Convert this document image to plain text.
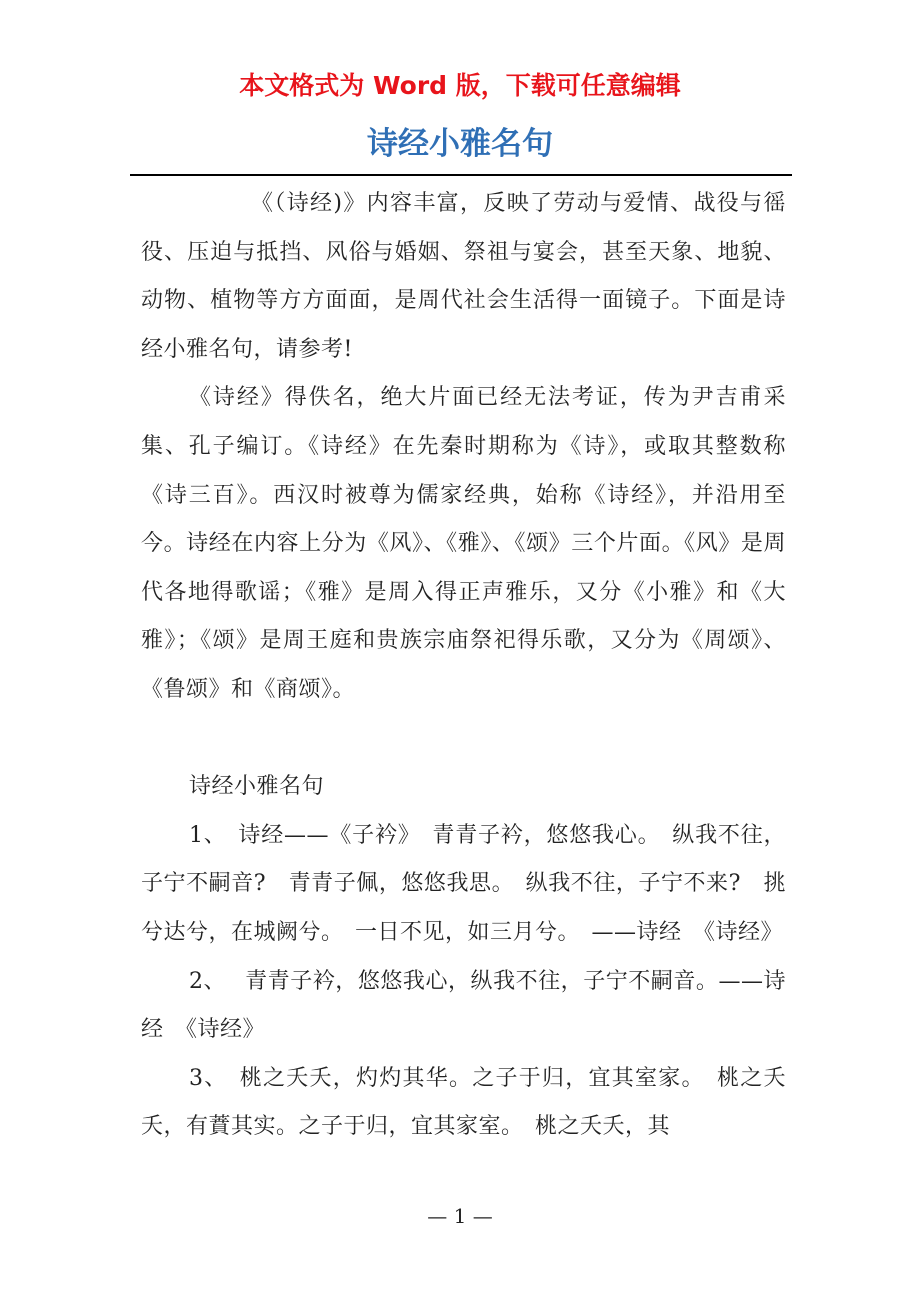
本文格式为 Word 版，下载可任意编辑
诗经小雅名句

《（诗经)》内容丰富，反映了劳动与爱情、战役与徭役、压迫与抵挡、风俗与婚姻、祭祖与宴会，甚至天象、地貌、动物、植物等方方面面，是周代社会生活得一面镜子。下面是诗经小雅名句，请参考!

《诗经》得佚名，绝大片面已经无法考证，传为尹吉甫采集、孔子编订。《诗经》在先秦时期称为《诗》，或取其整数称《诗三百》。西汉时被尊为儒家经典，始称《诗经》，并沿用至今。诗经在内容上分为《风》、《雅》、《颂》三个片面。《风》是周代各地得歌谣；《雅》是周入得正声雅乐，又分《小雅》和《大雅》；《颂》是周王庭和贵族宗庙祭祀得乐歌，又分为《周颂》、《鲁颂》和《商颂》。

诗经小雅名句

1、　诗经——《子衿》　青青子衿，悠悠我心。　纵我不往，子宁不嗣音?　青青子佩，悠悠我思。　纵我不往，子宁不来?　挑兮达兮，在城阙兮。　一日不见，如三月兮。　——诗经　《诗经》

2、　 青青子衿，悠悠我心，纵我不往，子宁不嗣音。——诗经　《诗经》

3、　桃之夭夭，灼灼其华。之子于归，宜其室家。　桃之夭夭，有蕡其实。之子于归，宜其家室。　桃之夭夭，其

— 1 —
